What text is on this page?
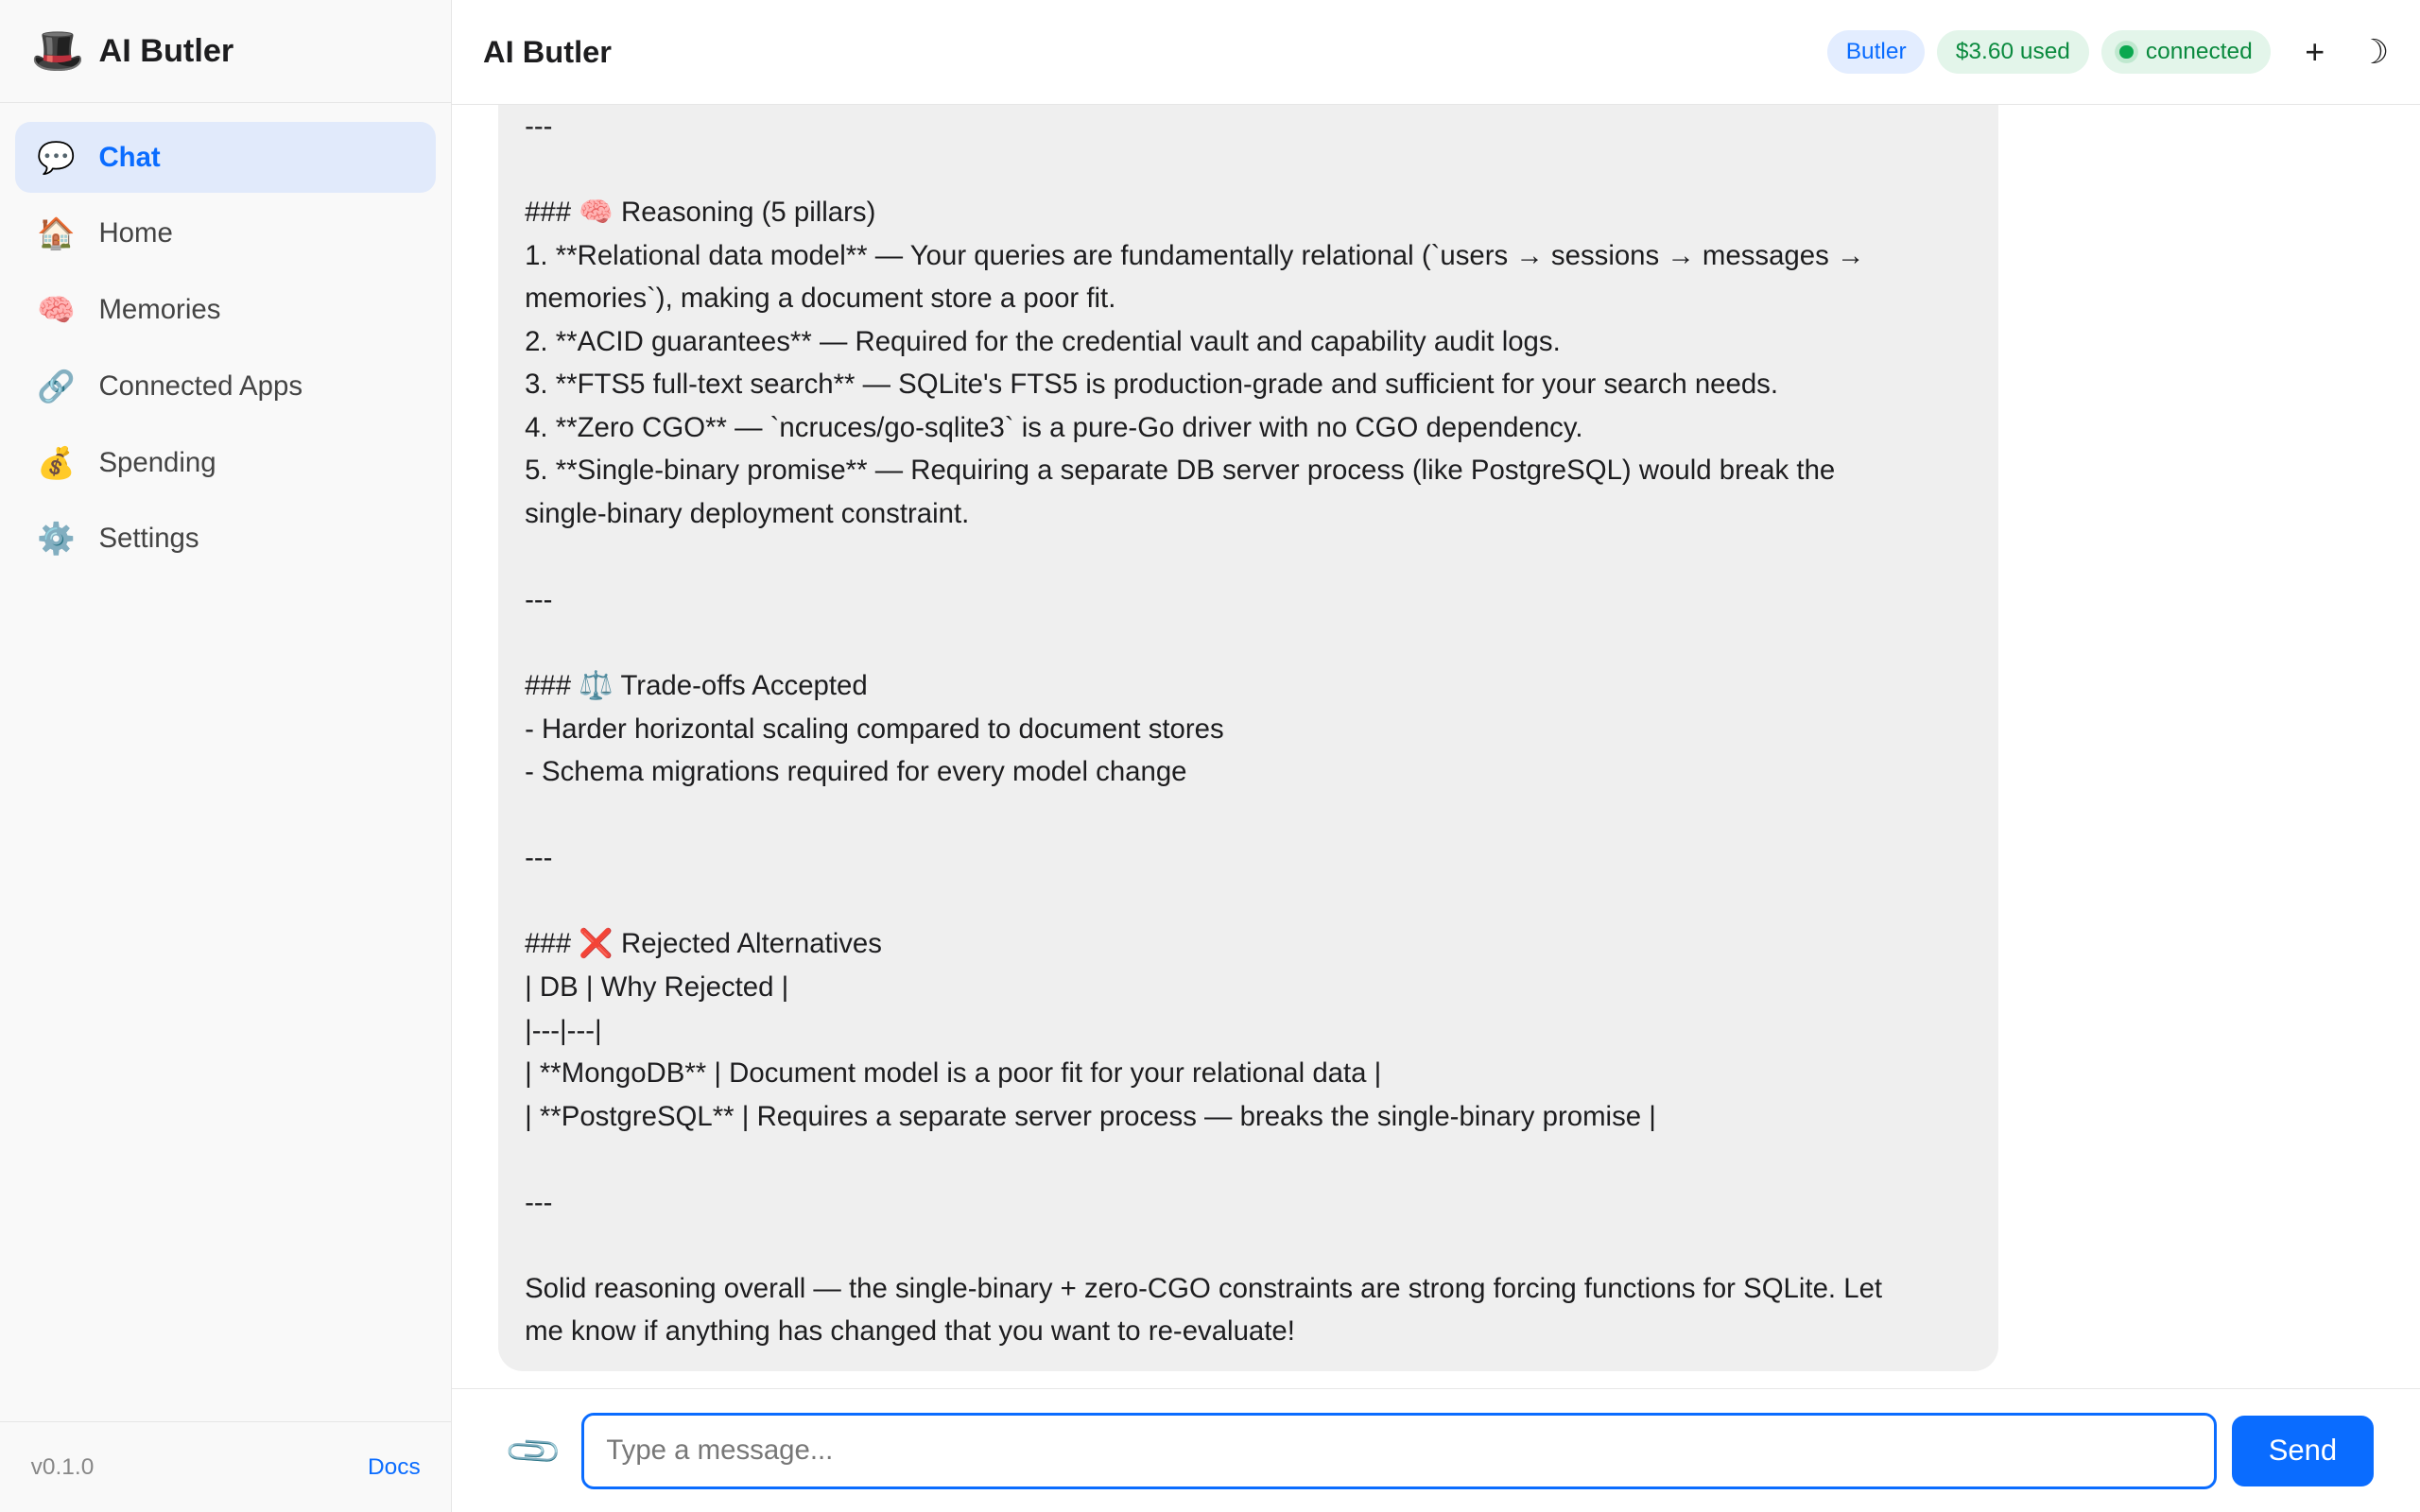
🎩 AI Butler
💬 Chat
🏠 Home
🧠 Memories
🔗 Connected Apps
💰 Spending
⚙️ Settings
v0.1.0	Docs
AI Butler	Butler	$3.60 used	connected	+ ☽
---
### 🧠 Reasoning (5 pillars)
1. **Relational data model** — Your queries are fundamentally relational (`users → sessions → messages →
memories`), making a document store a poor fit.
2. **ACID guarantees** — Required for the credential vault and capability audit logs.
3. **FTS5 full-text search** — SQLite's FTS5 is production-grade and sufficient for your search needs.
4. **Zero CGO** — `ncruces/go-sqlite3` is a pure-Go driver with no CGO dependency.
5. **Single-binary promise** — Requiring a separate DB server process (like PostgreSQL) would break the
single-binary deployment constraint.
---
### ⚖️ Trade-offs Accepted
- Harder horizontal scaling compared to document stores
- Schema migrations required for every model change
---
### ❌ Rejected Alternatives
| DB | Why Rejected |
|---|---|
| **MongoDB** | Document model is a poor fit for your relational data |
| **PostgreSQL** | Requires a separate server process — breaks the single-binary promise |
---
Solid reasoning overall — the single-binary + zero-CGO constraints are strong forcing functions for SQLite. Let
me know if anything has changed that you want to re-evaluate!
📎
Type a message...	Send
